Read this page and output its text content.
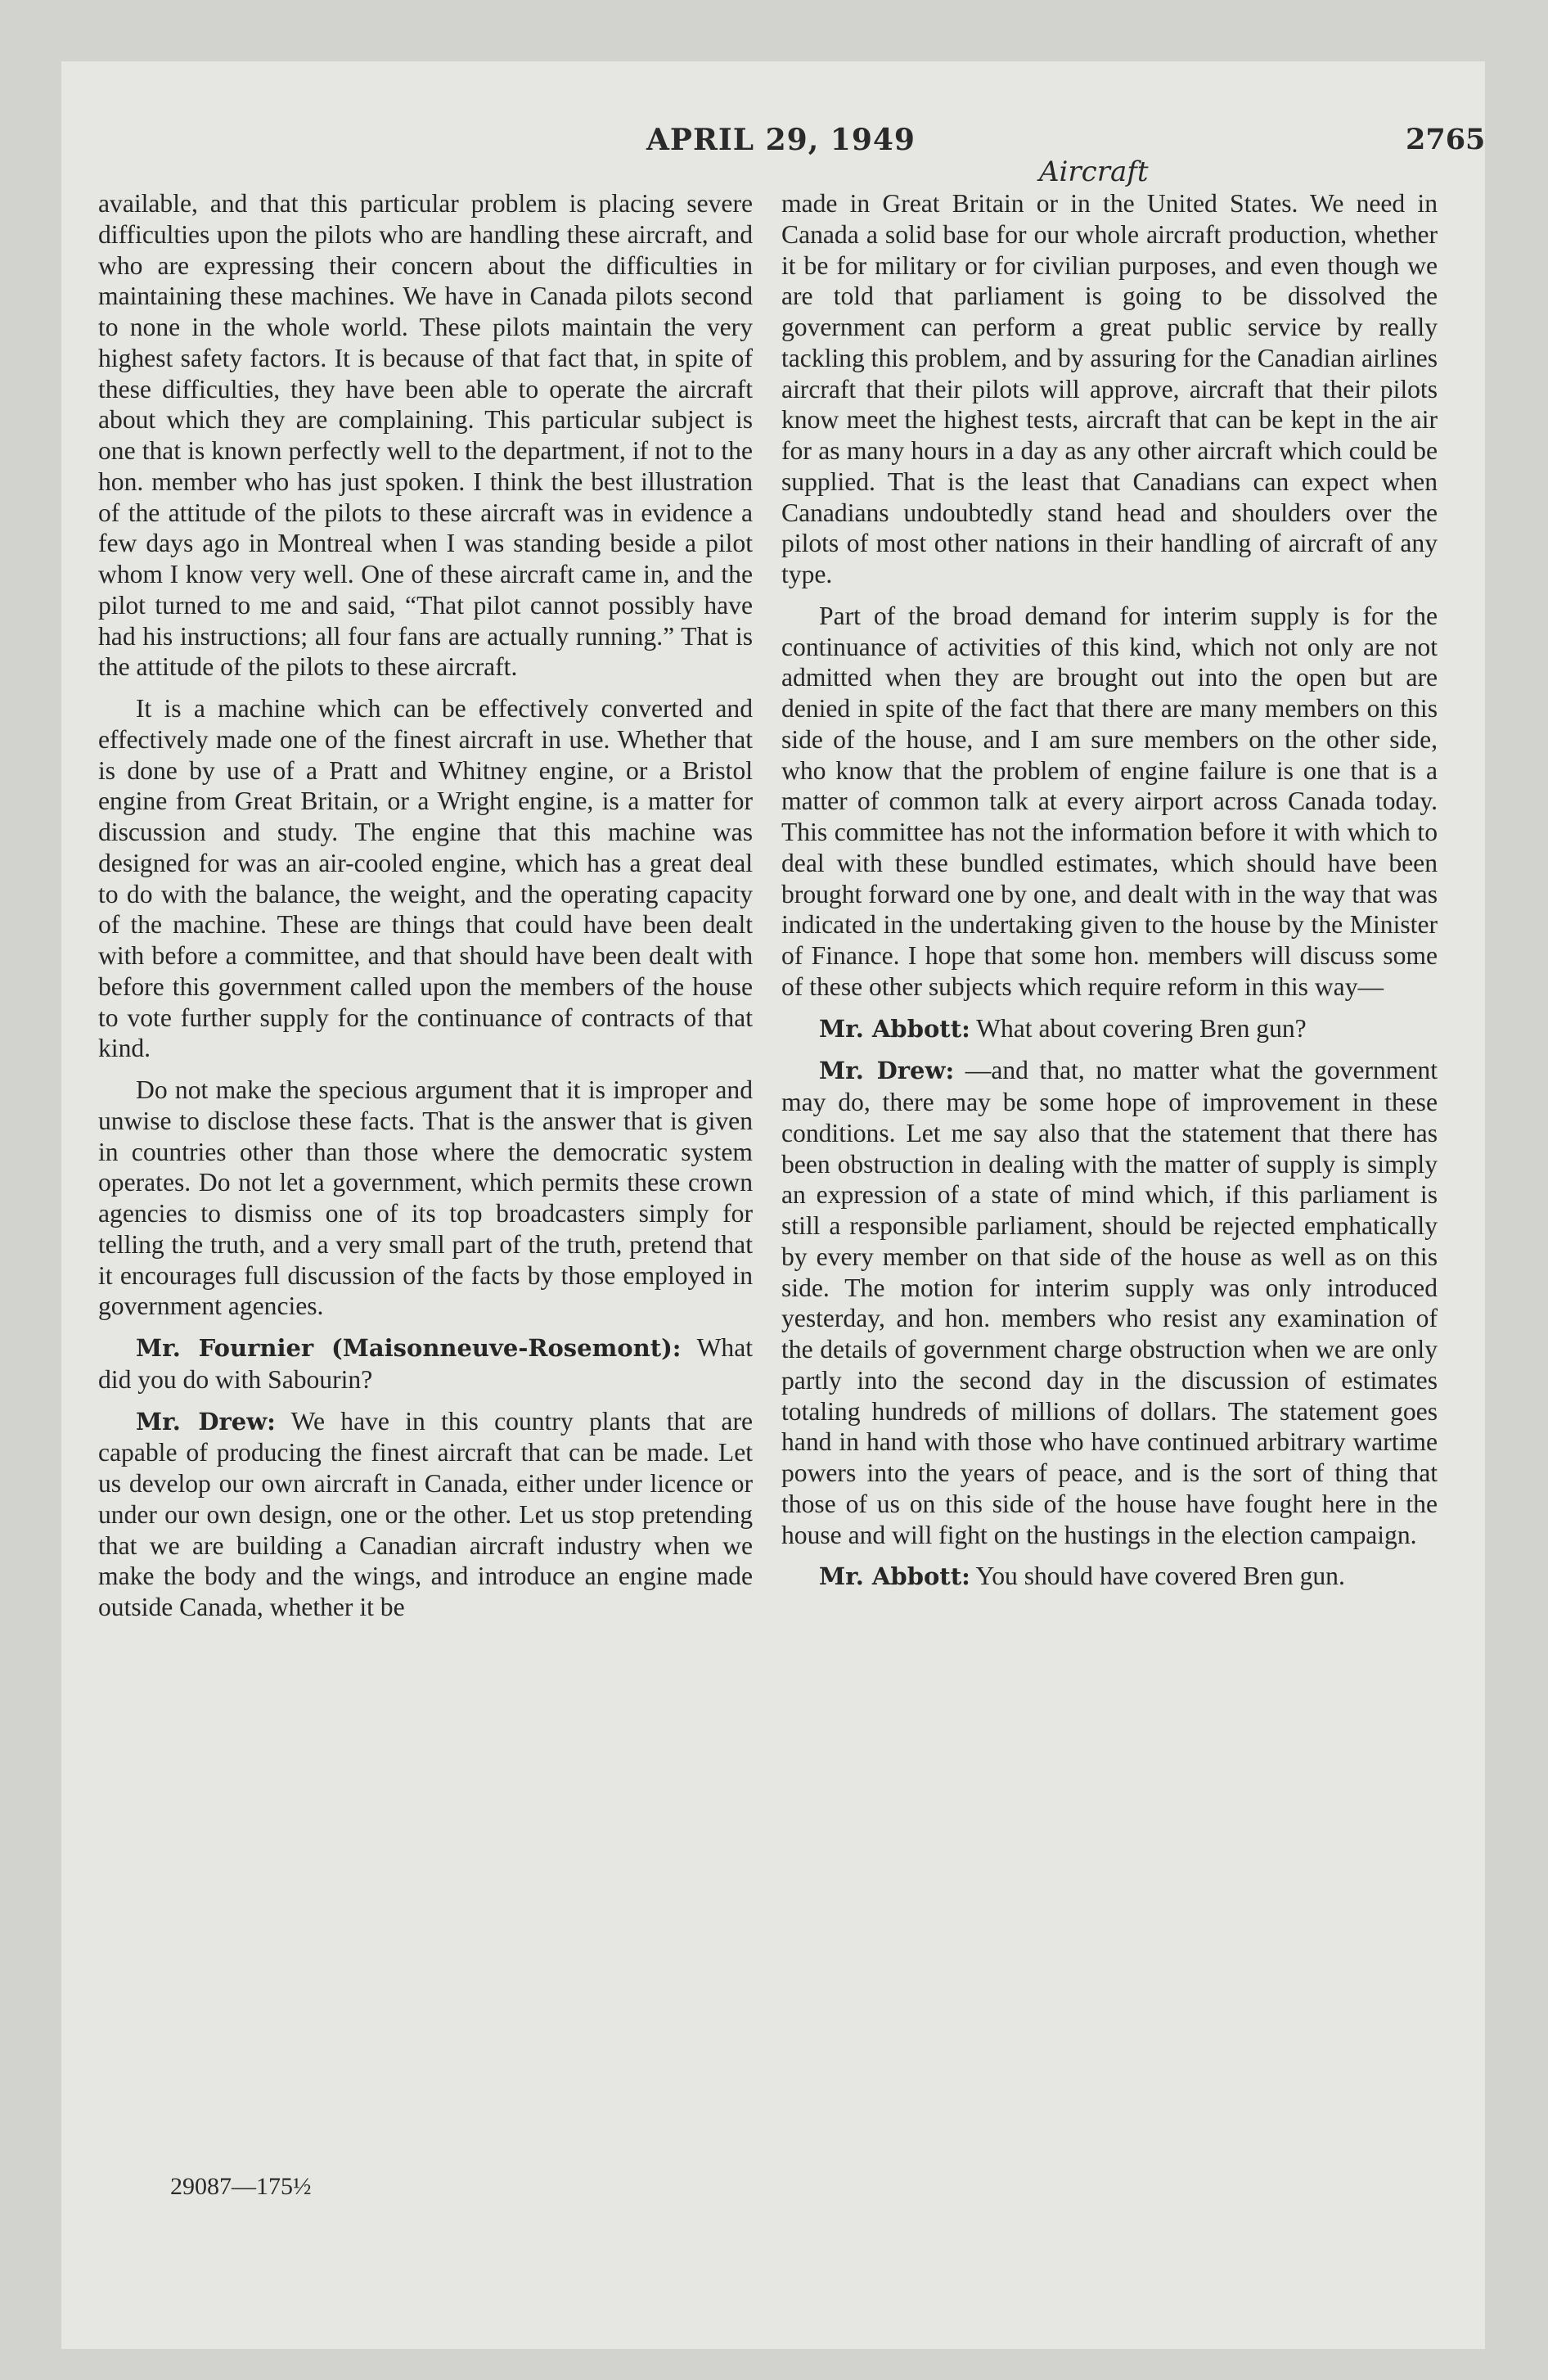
APRIL 29, 1949	2765
Aircraft

available, and that this particular problem is placing severe difficulties upon the pilots who are handling these aircraft, and who are expressing their concern about the difficulties in maintaining these machines. We have in Canada pilots second to none in the whole world. These pilots maintain the very highest safety factors. It is because of that fact that, in spite of these difficulties, they have been able to operate the aircraft about which they are complaining. This particular subject is one that is known perfectly well to the department, if not to the hon. member who has just spoken. I think the best illustration of the attitude of the pilots to these aircraft was in evidence a few days ago in Montreal when I was standing beside a pilot whom I know very well. One of these aircraft came in, and the pilot turned to me and said, “That pilot cannot possibly have had his instructions; all four fans are actually running.” That is the attitude of the pilots to these aircraft.

It is a machine which can be effectively converted and effectively made one of the finest aircraft in use. Whether that is done by use of a Pratt and Whitney engine, or a Bristol engine from Great Britain, or a Wright engine, is a matter for discussion and study. The engine that this machine was designed for was an air-cooled engine, which has a great deal to do with the balance, the weight, and the operating capacity of the machine. These are things that could have been dealt with before a committee, and that should have been dealt with before this government called upon the members of the house to vote further supply for the continuance of contracts of that kind.

Do not make the specious argument that it is improper and unwise to disclose these facts. That is the answer that is given in countries other than those where the democratic system operates. Do not let a government, which permits these crown agencies to dismiss one of its top broadcasters simply for telling the truth, and a very small part of the truth, pretend that it encourages full discussion of the facts by those employed in government agencies.

Mr. Fournier (Maisonneuve-Rosemont): What did you do with Sabourin?

Mr. Drew: We have in this country plants that are capable of producing the finest aircraft that can be made. Let us develop our own aircraft in Canada, either under licence or under our own design, one or the other. Let us stop pretending that we are building a Canadian aircraft industry when we make the body and the wings, and introduce an engine made outside Canada, whether it be

made in Great Britain or in the United States. We need in Canada a solid base for our whole aircraft production, whether it be for military or for civilian purposes, and even though we are told that parliament is going to be dissolved the government can perform a great public service by really tackling this problem, and by assuring for the Canadian airlines aircraft that their pilots will approve, aircraft that their pilots know meet the highest tests, aircraft that can be kept in the air for as many hours in a day as any other aircraft which could be supplied. That is the least that Canadians can expect when Canadians undoubtedly stand head and shoulders over the pilots of most other nations in their handling of aircraft of any type.

Part of the broad demand for interim supply is for the continuance of activities of this kind, which not only are not admitted when they are brought out into the open but are denied in spite of the fact that there are many members on this side of the house, and I am sure members on the other side, who know that the problem of engine failure is one that is a matter of common talk at every airport across Canada today. This committee has not the information before it with which to deal with these bundled estimates, which should have been brought forward one by one, and dealt with in the way that was indicated in the undertaking given to the house by the Minister of Finance. I hope that some hon. members will discuss some of these other subjects which require reform in this way—

Mr. Abbott: What about covering Bren gun?

Mr. Drew: —and that, no matter what the government may do, there may be some hope of improvement in these conditions. Let me say also that the statement that there has been obstruction in dealing with the matter of supply is simply an expression of a state of mind which, if this parliament is still a responsible parliament, should be rejected emphatically by every member on that side of the house as well as on this side. The motion for interim supply was only introduced yesterday, and hon. members who resist any examination of the details of government charge obstruction when we are only partly into the second day in the discussion of estimates totaling hundreds of millions of dollars. The statement goes hand in hand with those who have continued arbitrary wartime powers into the years of peace, and is the sort of thing that those of us on this side of the house have fought here in the house and will fight on the hustings in the election campaign.

Mr. Abbott: You should have covered Bren gun.

29087—175½
